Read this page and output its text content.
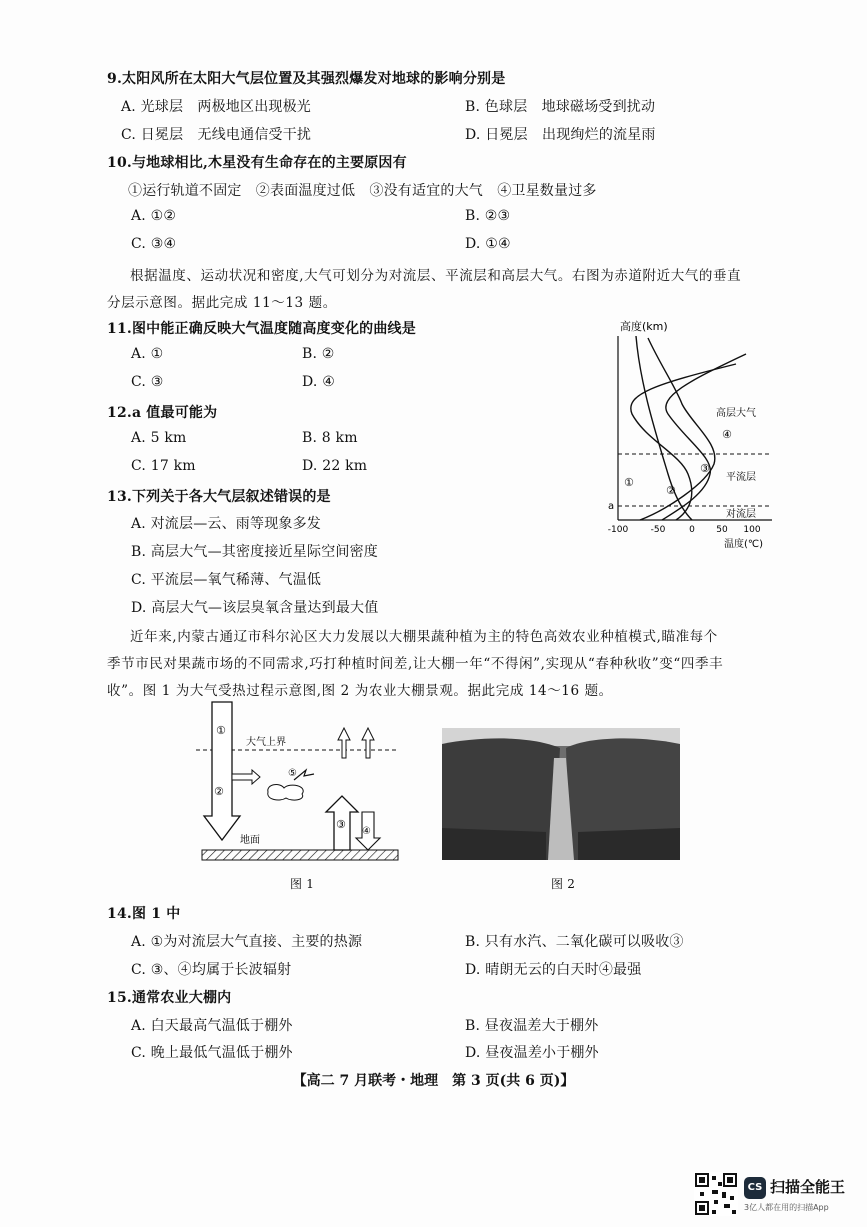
9.太阳风所在太阳大气层位置及其强烈爆发对地球的影响分别是
A. 光球层　两极地区出现极光	B. 色球层　地球磁场受到扰动
C. 日冕层　无线电通信受干扰	D. 日冕层　出现绚烂的流星雨
10.与地球相比,木星没有生命存在的主要原因有
①运行轨道不固定　②表面温度过低　③没有适宜的大气　④卫星数量过多
A. ①②	B. ②③
C. ③④	D. ①④
根据温度、运动状况和密度,大气可划分为对流层、平流层和高层大气。右图为赤道附近大气的垂直
分层示意图。据此完成 11～13 题。
11.图中能正确反映大气温度随高度变化的曲线是
A. ①	B. ②
C. ③	D. ④
12.a 值最可能为
A. 5 km	B. 8 km
C. 17 km	D. 22 km
13.下列关于各大气层叙述错误的是
A. 对流层—云、雨等现象多发
B. 高层大气—其密度接近星际空间密度
C. 平流层—氧气稀薄、气温低
D. 高层大气—该层臭氧含量达到最大值
高度(km)
a
高层大气
平流层
对流层
④
③
①
②
-100 -50	0 50 100
温度(℃)
近年来,内蒙古通辽市科尔沁区大力发展以大棚果蔬种植为主的特色高效农业种植模式,瞄准每个
季节市民对果蔬市场的不同需求,巧打种植时间差,让大棚一年“不得闲”,实现从“春种秋收”变“四季丰
收”。图 1 为大气受热过程示意图,图 2 为农业大棚景观。据此完成 14～16 题。
大气上界
①
②
⑤
③
④
地面
图 1	图 2
14.图 1 中
A. ①为对流层大气直接、主要的热源	B. 只有水汽、二氧化碳可以吸收③
C. ③、④均属于长波辐射	D. 晴朗无云的白天时④最强
15.通常农业大棚内
A. 白天最高气温低于棚外	B. 昼夜温差大于棚外
C. 晚上最低气温低于棚外	D. 昼夜温差小于棚外
【高二 7 月联考・地理　第 3 页(共 6 页)】
CS 扫描全能王
3亿人都在用的扫描App
